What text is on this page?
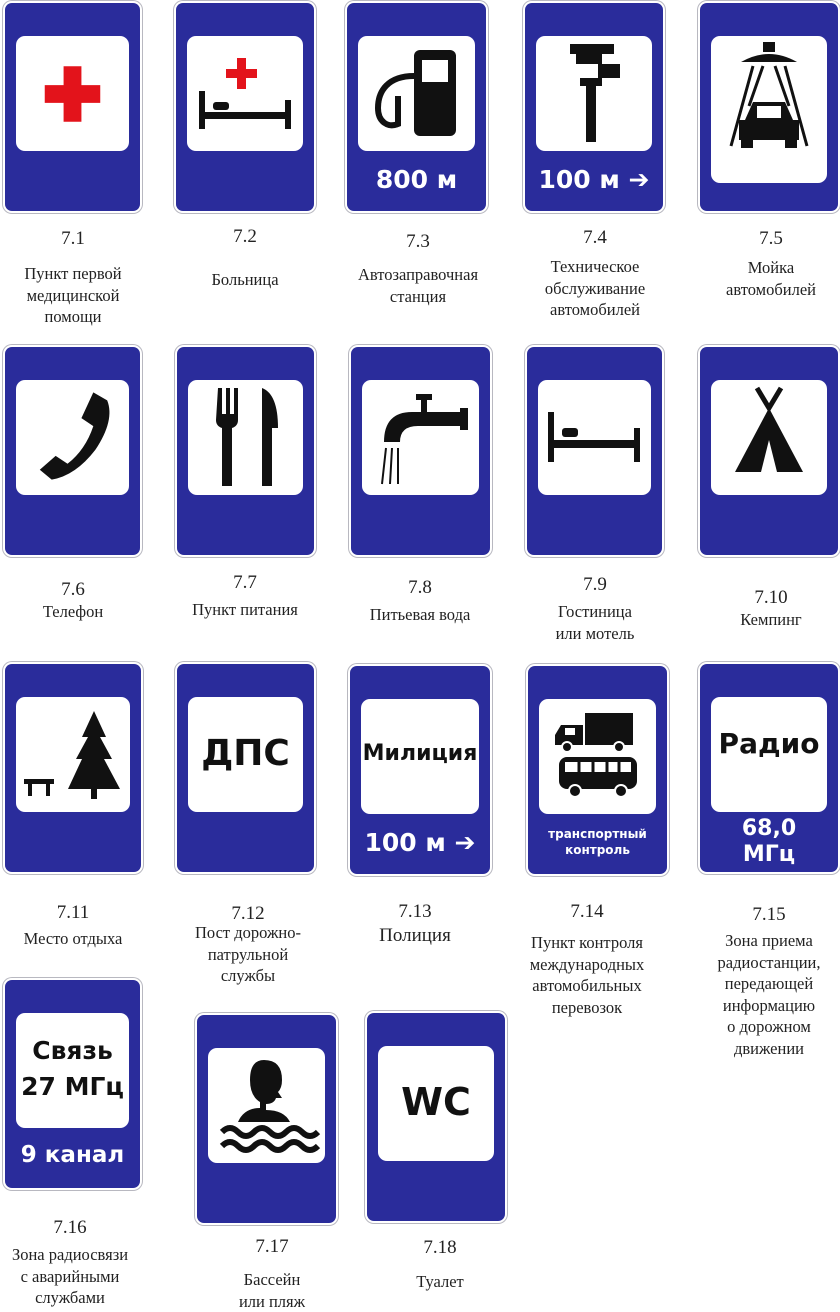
800 м	100 м ➔
7.1
Пункт первой
медицинской
помощи
7.2
Больница
7.3
Автозаправочная
станция
7.4
Техническое
обслуживание
автомобилей
7.5
Мойка
автомобилей
7.6
Телефон
7.7
Пункт питания
7.8
Питьевая вода
7.9
Гостиница
или мотель
7.10
Кемпинг
ДПС	Милиция
100 м ➔	транспортный
контроль
Радио
68,0
МГц
7.11
Место отдыха
7.12
Пост дорожно-
патрульной
службы
7.13
Полиция
7.14
Пункт контроля
международных
автомобильных
перевозок
7.15
Зона приема
радиостанции,
передающей
информацию
о дорожном
движении
Связь
27 МГц
9 канал
WC
7.16
Зона радиосвязи
с аварийными
службами
7.17
Бассейн
или пляж
7.18
Туалет
